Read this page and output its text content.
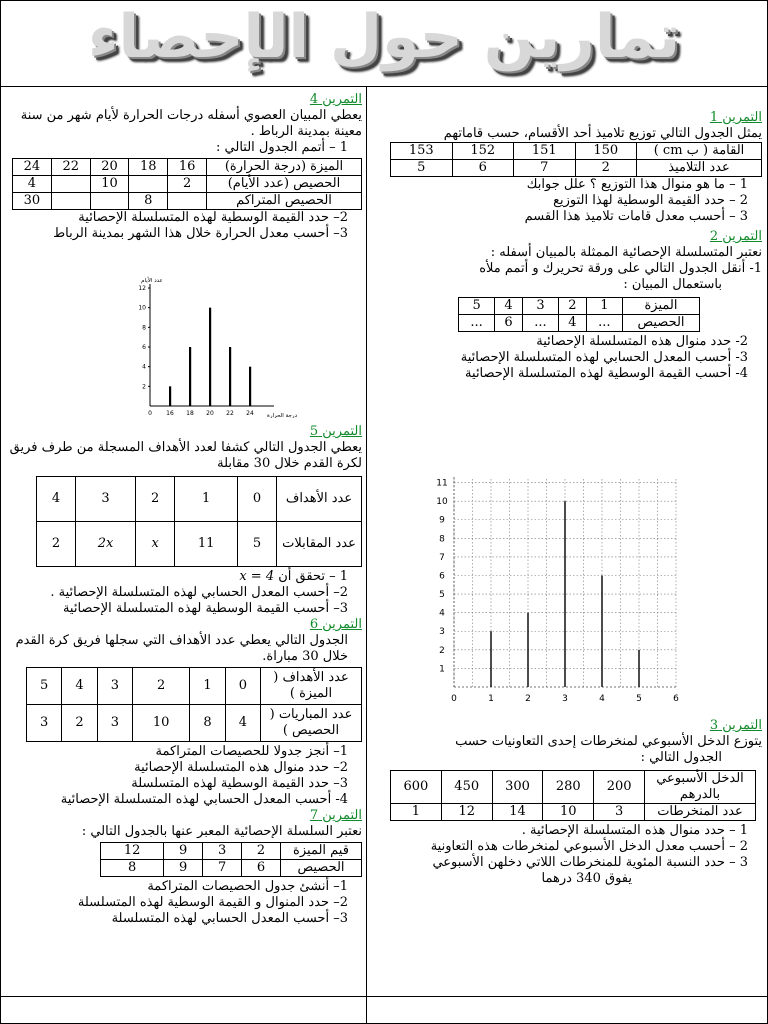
تمارين حول الإحصاء
التمرين 1

يمثل الجدول التالي توزيع تلاميذ أحد الأقسام، حسب قاماتهم

القامة ( ب cm )	150	151	152	153
عدد التلاميذ	2	7	6	5

1 – ما هو منوال هذا التوزيع ؟ علل جوابك

2 – حدد القيمة الوسطية لهذا التوزيع

3 – أحسب معدل قامات تلاميذ هذا القسم

التمرين 2

نعتبر المتسلسلة الإحصائية الممثلة بالمبيان أسفله :

1- أنقل الجدول التالي على ورقة تحريرك و أتمم ملأه

باستعمال المبيان :

الميزة	1	2	3	4	5
الحصيص	...	4	...	6	...

2- حدد منوال هذه المتسلسلة الإحصائية

3- أحسب المعدل الحسابي لهذه المتسلسلة الإحصائية

4- أحسب القيمة الوسطية لهذه المتسلسلة الإحصائية

1
2
3
4
5
6
7
8
9
10
11
0	1	2	3	4	5	6
التمرين 3

يتوزع الدخل الأسبوعي لمنخرطات إحدى التعاونيات حسب

الجدول التالي :

الدخل الأسبوعي بالدرهم	200	280	300	450	600
عدد المنخرطات	3	10	14	12	1

1 – حدد منوال هذه المتسلسلة الإحصائية .

2 – أحسب معدل الدخل الأسبوعي لمنخرطات هذه التعاونية

3 – حدد النسبة المئوية للمنخرطات اللاتي دخلهن الأسبوعي

يفوق 340 درهما

التمرين 4

يعطي المبيان العصوي أسفله درجات الحرارة لأيام شهر من سنة معينة بمدينة الرباط .

1 – أتمم الجدول التالي :

الميزة (درجة الحرارة)	16	18	20	22	24
الحصيص (عدد الأيام)	2		10		4
الحصيص المتراكم		8			30

2– حدد القيمة الوسطية لهذه المتسلسلة الإحصائية

3– أحسب معدل الحرارة خلال هذا الشهر بمدينة الرباط

2
4
6
8
10
12
0 16 18 20 22 24
عدد الأيام
درجة الحرارة
التمرين 5

يعطي الجدول التالي كشفا لعدد الأهداف المسجلة من طرف فريق لكرة القدم خلال 30 مقابلة

عدد الأهداف	0	1	2	3	4
عدد المقابلات	5	11	x	2x	2

1 – تحقق أن x = 4

2– أحسب المعدل الحسابي لهذه المتسلسلة الإحصائية .

3– أحسب القيمة الوسطية لهذه المتسلسلة الإحصائية

التمرين 6

الجدول التالي يعطي عدد الأهداف التي سجلها فريق كرة القدم خلال 30 مباراة.

عدد الأهداف ( الميزة )	0	1	2	3	4	5
عدد المباريات ( الحصيص )	4	8	10	3	2	3

1– أنجز جدولا للحصيصات المتراكمة

2– حدد منوال هذه المتسلسلة الإحصائية

3– حدد القيمة الوسطية لهذه المتسلسلة

4- أحسب المعدل الحسابي لهذه المتسلسلة الإحصائية

التمرين 7

نعتبر السلسلة الإحصائية المعبر عنها بالجدول التالي :

قيم الميزة	2	3	9	12
الحصيص	6	7	9	8

1– أنشئ جدول الحصيصات المتراكمة

2– حدد المنوال و القيمة الوسطية لهذه المتسلسلة

3– أحسب المعدل الحسابي لهذه المتسلسلة
